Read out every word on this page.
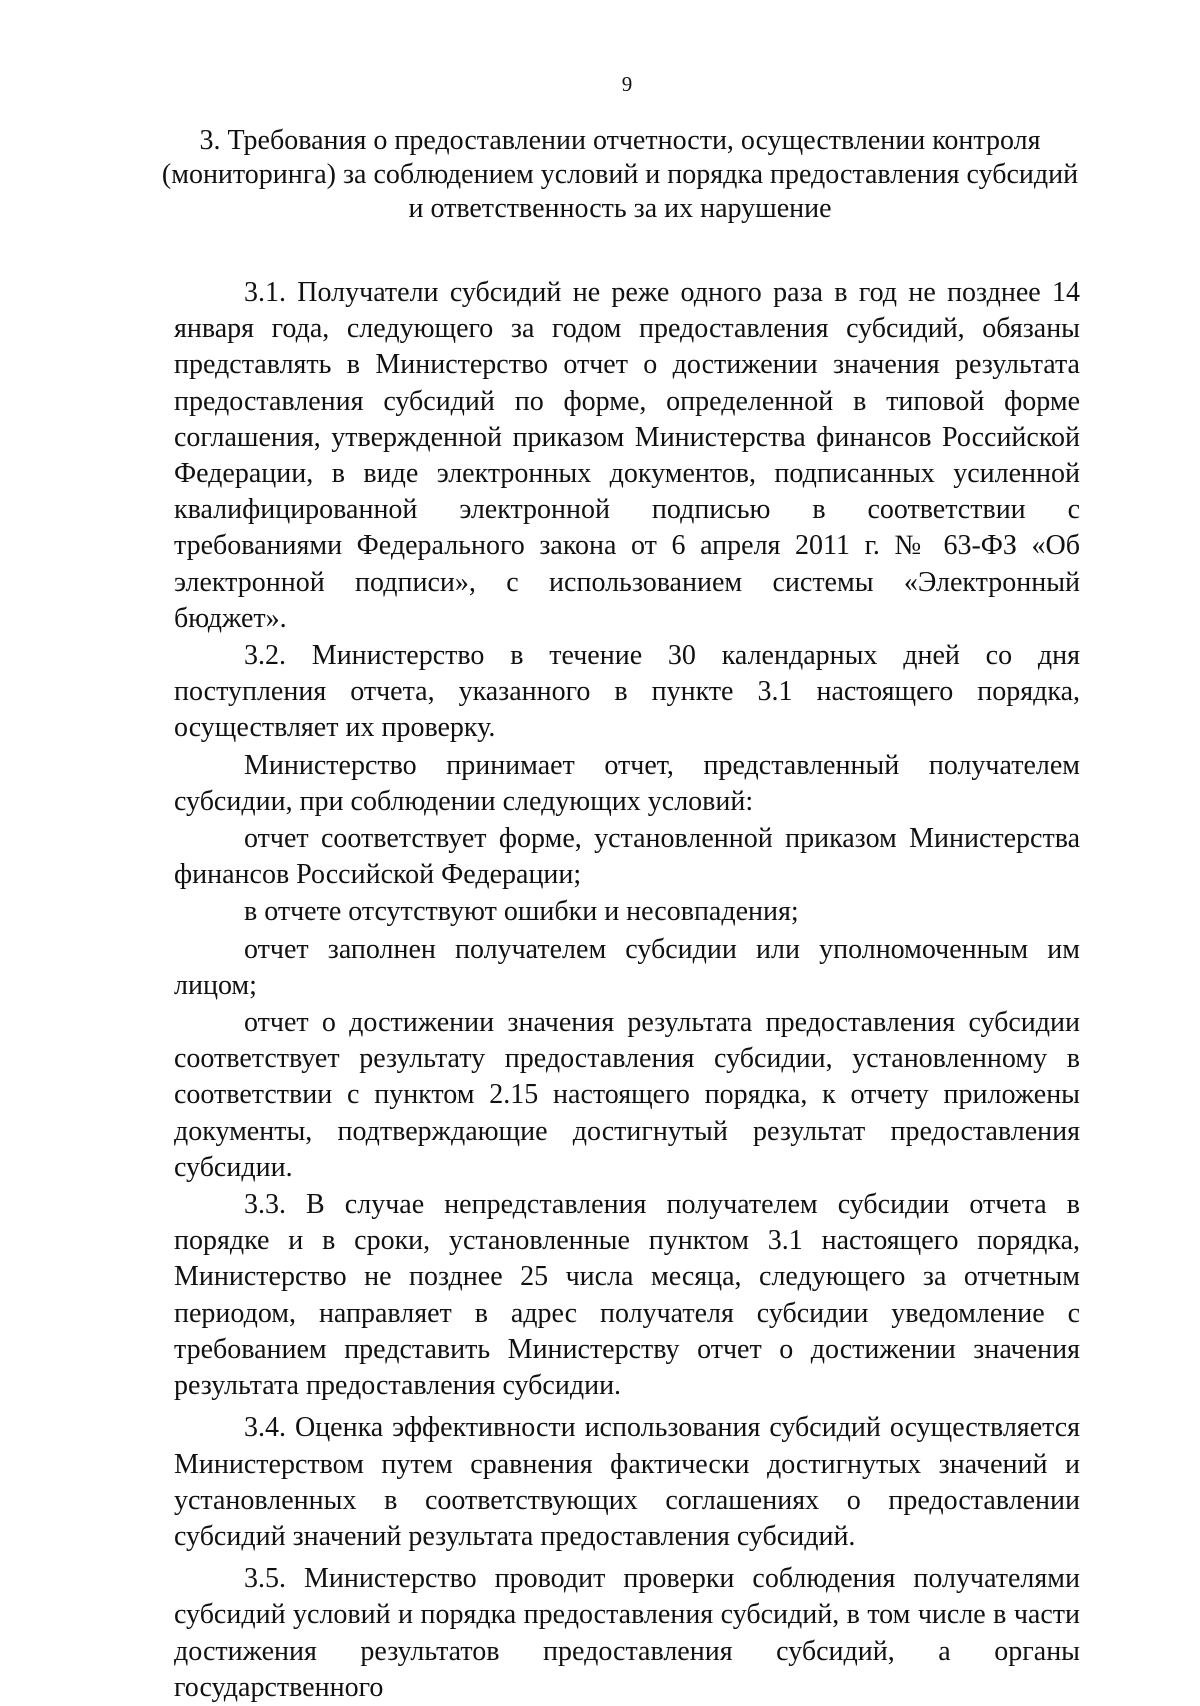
9
3. Требования о предоставлении отчетности, осуществлении контроля (мониторинга) за соблюдением условий и порядка предоставления субсидий и ответственность за их нарушение

3.1. Получатели субсидий не реже одного раза в год не позднее 14 января года, следующего за годом предоставления субсидий, обязаны представлять в Министерство отчет о достижении значения результата предоставления субсидий по форме, определенной в типовой форме соглашения, утвержденной приказом Министерства финансов Российской Федерации, в виде электронных документов, подписанных усиленной квалифицированной электронной подписью в соответствии с требованиями Федерального закона от 6 апреля 2011 г. № 63-ФЗ «Об электронной подписи», с использованием системы «Электронный бюджет».

3.2. Министерство в течение 30 календарных дней со дня поступления отчета, указанного в пункте 3.1 настоящего порядка, осуществляет их проверку.

Министерство принимает отчет, представленный получателем субсидии, при соблюдении следующих условий:

отчет соответствует форме, установленной приказом Министерства финансов Российской Федерации;

в отчете отсутствуют ошибки и несовпадения;

отчет заполнен получателем субсидии или уполномоченным им лицом;

отчет о достижении значения результата предоставления субсидии соответствует результату предоставления субсидии, установленному в соответствии с пунктом 2.15 настоящего порядка, к отчету приложены документы, подтверждающие достигнутый результат предоставления субсидии.

3.3. В случае непредставления получателем субсидии отчета в порядке и в сроки, установленные пунктом 3.1 настоящего порядка, Министерство не позднее 25 числа месяца, следующего за отчетным периодом, направляет в адрес получателя субсидии уведомление с требованием представить Министерству отчет о достижении значения результата предоставления субсидии.

3.4. Оценка эффективности использования субсидий осуществляется Министерством путем сравнения фактически достигнутых значений и установленных в соответствующих соглашениях о предоставлении субсидий значений результата предоставления субсидий.

3.5. Министерство проводит проверки соблюдения получателями субсидий условий и порядка предоставления субсидий, в том числе в части достижения результатов предоставления субсидий, а органы государственного
